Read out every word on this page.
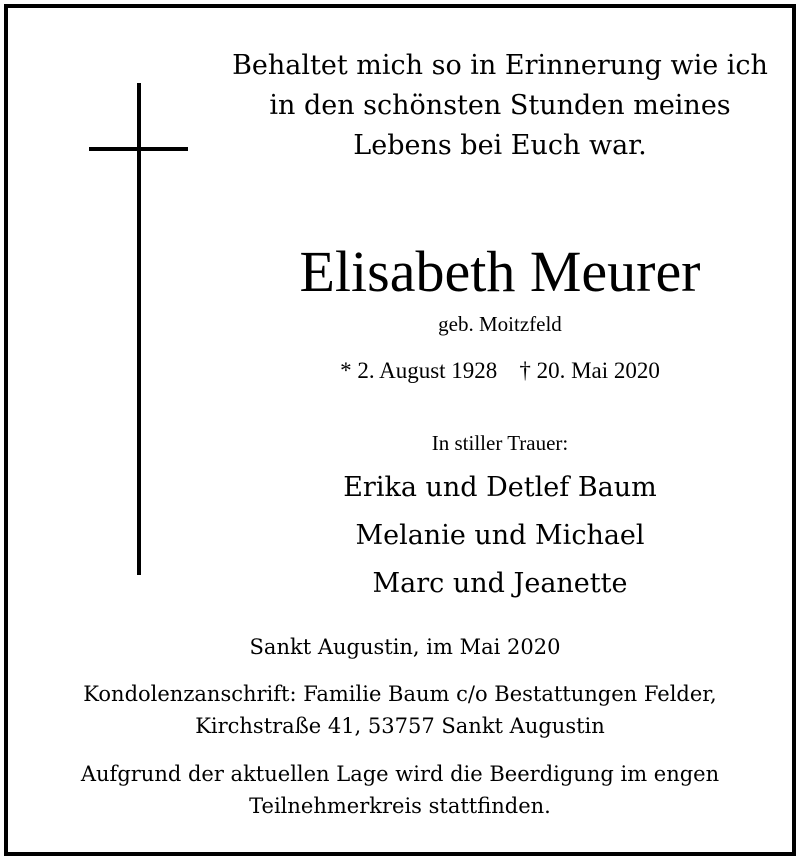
Behaltet mich so in Erinnerung wie ich
in den schönsten Stunden meines
Lebens bei Euch war.
Elisabeth Meurer
geb. Moitzfeld
* 2. August 1928 † 20. Mai 2020
In stiller Trauer:
Erika und Detlef Baum
Melanie und Michael
Marc und Jeanette
Sankt Augustin, im Mai 2020
Kondolenzanschrift: Familie Baum c/o Bestattungen Felder,
Kirchstraße 41, 53757 Sankt Augustin
Aufgrund der aktuellen Lage wird die Beerdigung im engen
Teilnehmerkreis stattfinden.
